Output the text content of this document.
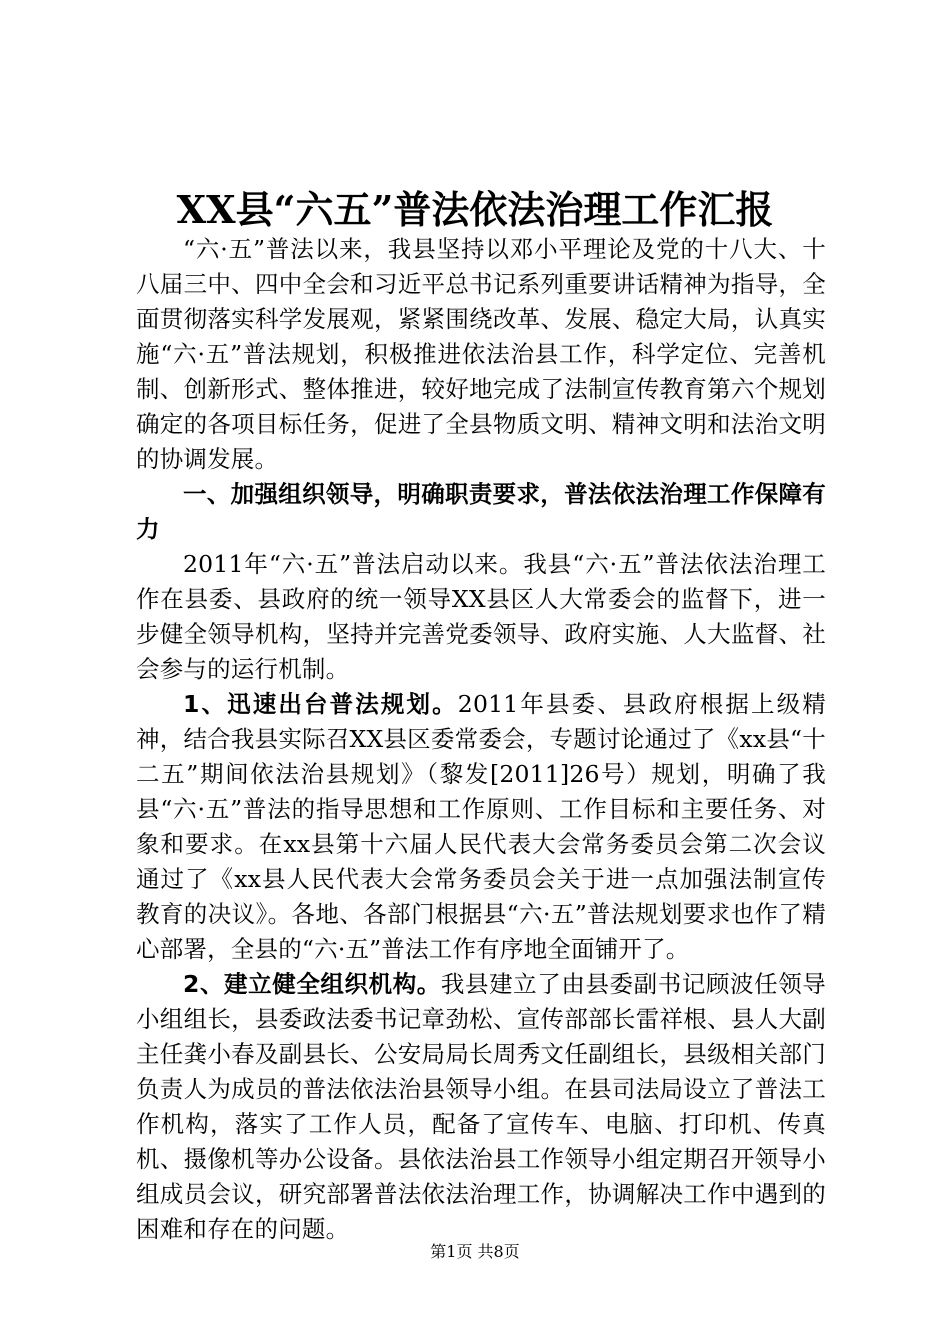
XX县“六五”普法依法治理工作汇报

“六·五”普法以来，我县坚持以邓小平理论及党的十八大、十八届三中、四中全会和习近平总书记系列重要讲话精神为指导，全面贯彻落实科学发展观，紧紧围绕改革、发展、稳定大局，认真实施“六·五”普法规划，积极推进依法治县工作，科学定位、完善机制、创新形式、整体推进，较好地完成了法制宣传教育第六个规划确定的各项目标任务，促进了全县物质文明、精神文明和法治文明的协调发展。

一、加强组织领导，明确职责要求，普法依法治理工作保障有力

2011年“六·五”普法启动以来。我县“六·五”普法依法治理工作在县委、县政府的统一领导XX县区人大常委会的监督下，进一步健全领导机构，坚持并完善党委领导、政府实施、人大监督、社会参与的运行机制。

1、迅速出台普法规划。2011年县委、县政府根据上级精神，结合我县实际召XX县区委常委会，专题讨论通过了《xx县“十二五”期间依法治县规划》（黎发[2011]26号）规划，明确了我县“六·五”普法的指导思想和工作原则、工作目标和主要任务、对象和要求。在xx县第十六届人民代表大会常务委员会第二次会议通过了《xx县人民代表大会常务委员会关于进一点加强法制宣传教育的决议》。各地、各部门根据县“六·五”普法规划要求也作了精心部署，全县的“六·五”普法工作有序地全面铺开了。

2、建立健全组织机构。我县建立了由县委副书记顾波任领导小组组长，县委政法委书记章劲松、宣传部部长雷祥根、县人大副主任龚小春及副县长、公安局局长周秀文任副组长，县级相关部门负责人为成员的普法依法治县领导小组。在县司法局设立了普法工作机构，落实了工作人员，配备了宣传车、电脑、打印机、传真机、摄像机等办公设备。县依法治县工作领导小组定期召开领导小组成员会议，研究部署普法依法治理工作，协调解决工作中遇到的困难和存在的问题。

第1页 共8页
